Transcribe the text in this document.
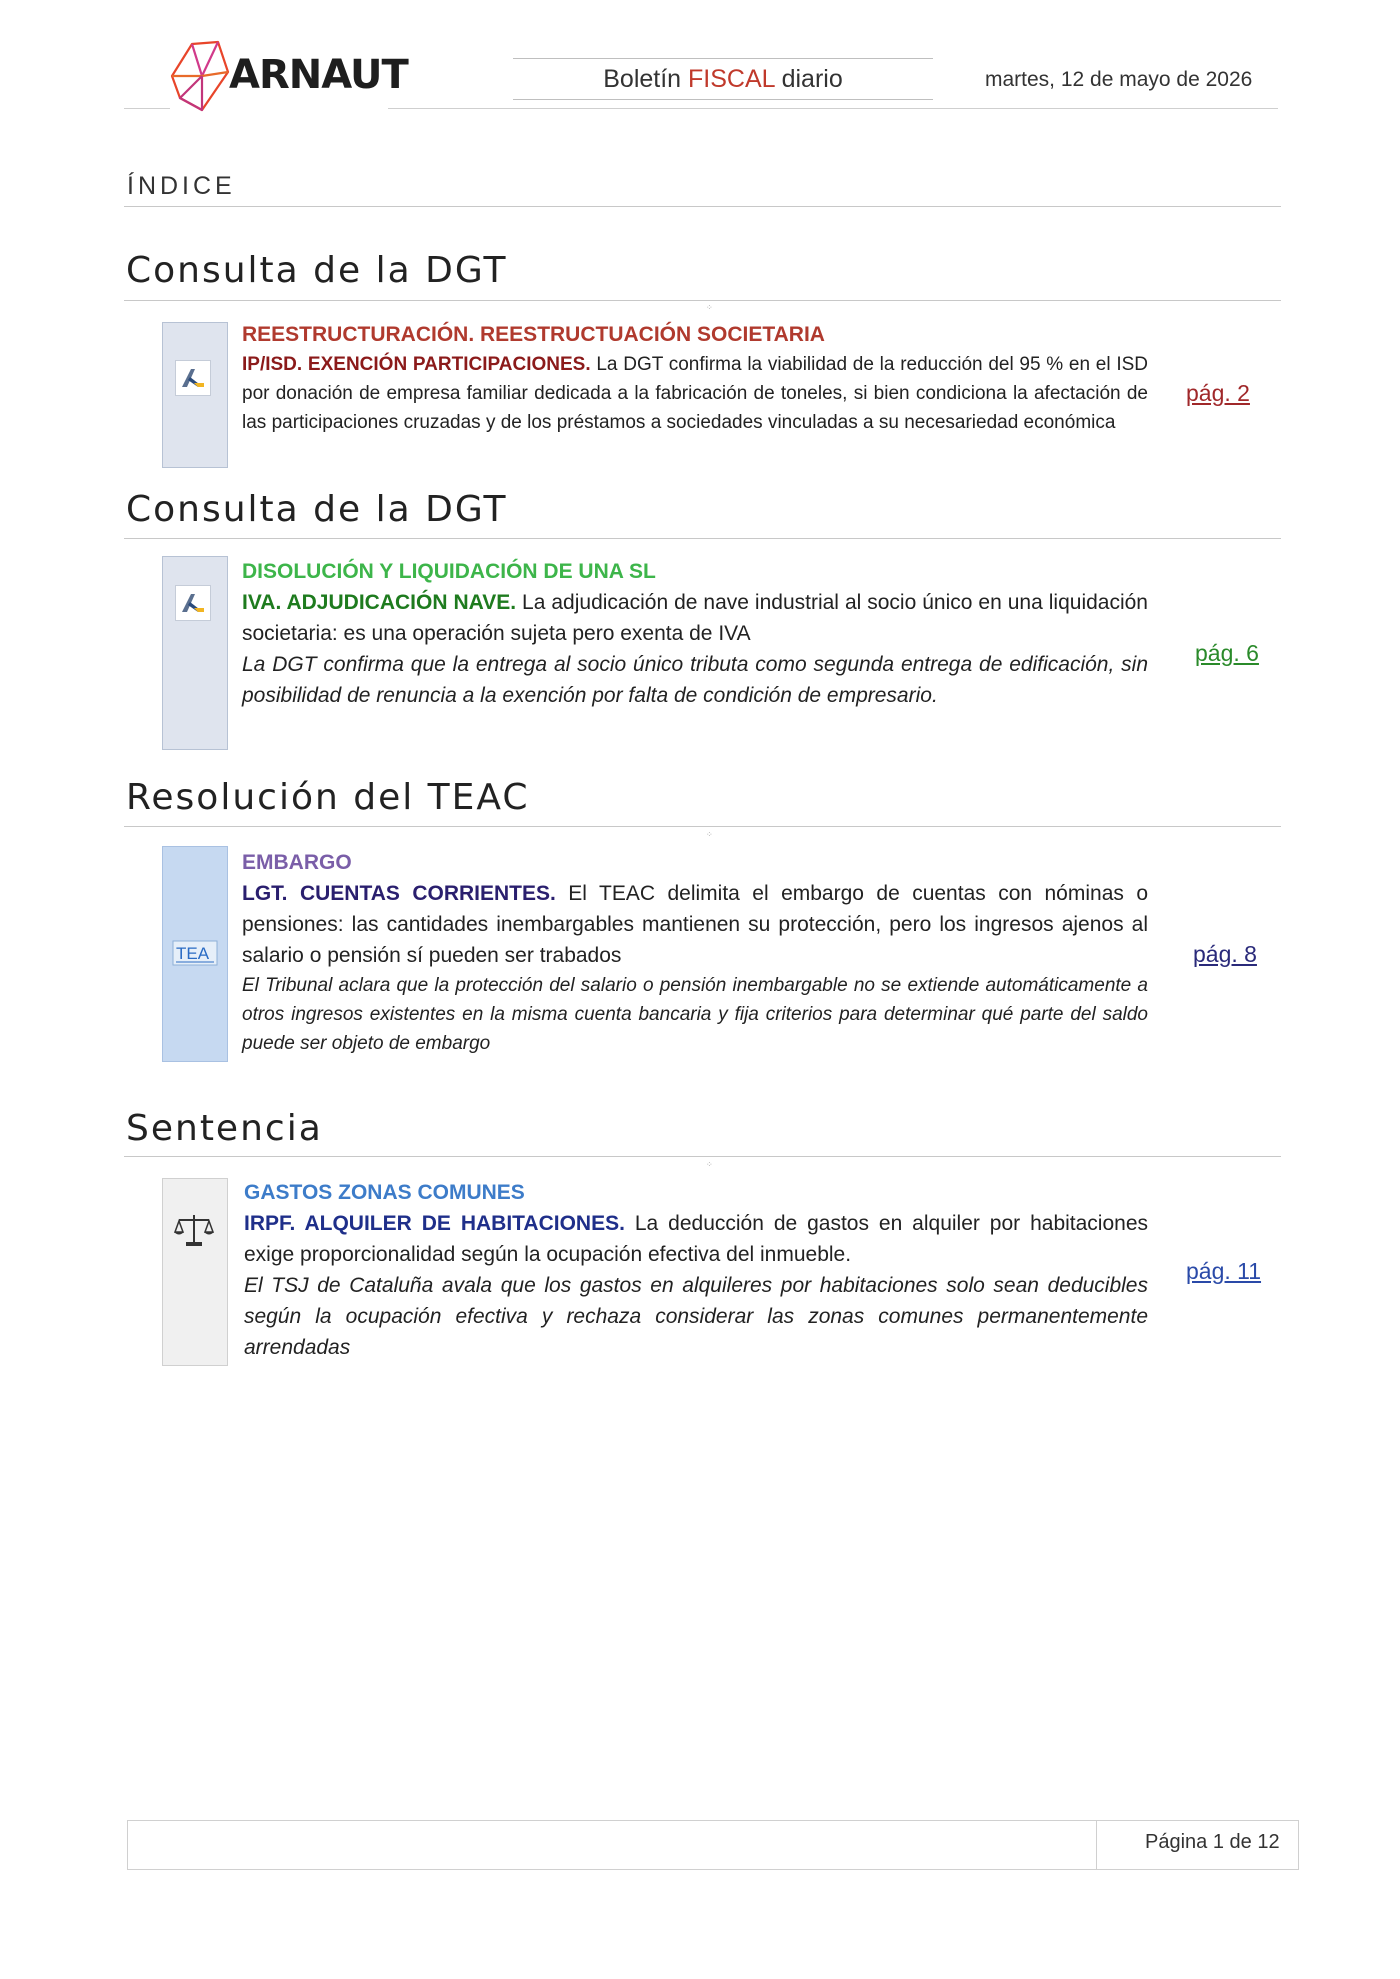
ARNAUT	Boletín FISCAL diario	martes, 12 de mayo de 2026
ÍNDICE
Consulta de la DGT
⁘
REESTRUCTURACIÓN. REESTRUCTUACIÓN SOCIETARIA
IP/ISD. EXENCIÓN PARTICIPACIONES. La DGT confirma la viabilidad de la reducción del 95 % en el ISD por donación de empresa familiar dedicada a la fabricación de toneles, si bien condiciona la afectación de las participaciones cruzadas y de los préstamos a sociedades vinculadas a su necesariedad económica
pág. 2
Consulta de la DGT
DISOLUCIÓN Y LIQUIDACIÓN DE UNA SL
IVA. ADJUDICACIÓN NAVE. La adjudicación de nave industrial al socio único en una liquidación societaria: es una operación sujeta pero exenta de IVA
La DGT confirma que la entrega al socio único tributa como segunda entrega de edificación, sin posibilidad de renuncia a la exención por falta de condición de empresario.
pág. 6
Resolución del TEAC
⁘
TEA
EMBARGO
LGT. CUENTAS CORRIENTES. El TEAC delimita el embargo de cuentas con nóminas o pensiones: las cantidades inembargables mantienen su protección, pero los ingresos ajenos al salario o pensión sí pueden ser trabados
El Tribunal aclara que la protección del salario o pensión inembargable no se extiende automáticamente a otros ingresos existentes en la misma cuenta bancaria y fija criterios para determinar qué parte del saldo puede ser objeto de embargo
pág. 8
Sentencia
⁘
GASTOS ZONAS COMUNES
IRPF. ALQUILER DE HABITACIONES. La deducción de gastos en alquiler por habitaciones exige proporcionalidad según la ocupación efectiva del inmueble.
El TSJ de Cataluña avala que los gastos en alquileres por habitaciones solo sean deducibles según la ocupación efectiva y rechaza considerar las zonas comunes permanentemente arrendadas
pág. 11
Página 1 de 12
